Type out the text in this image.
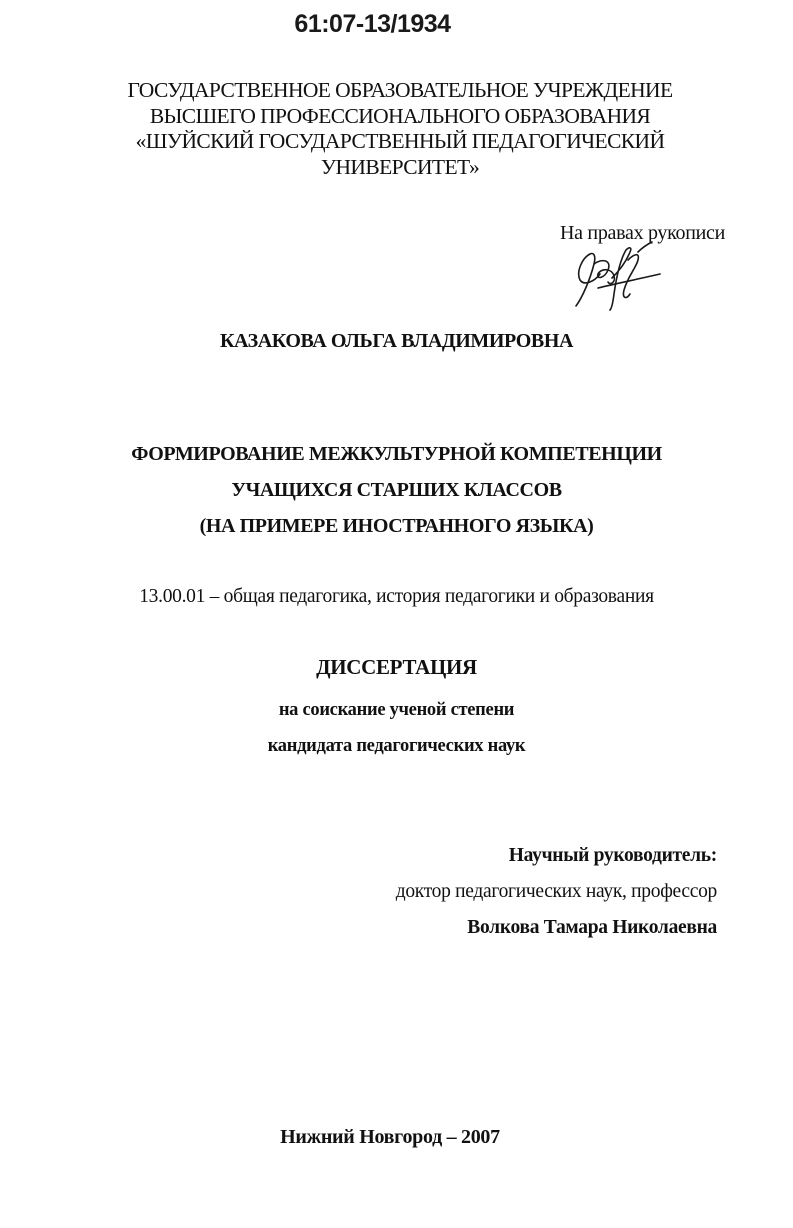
61:07-13/1934
ГОСУДАРСТВЕННОЕ ОБРАЗОВАТЕЛЬНОЕ УЧРЕЖДЕНИЕ
ВЫСШЕГО ПРОФЕССИОНАЛЬНОГО ОБРАЗОВАНИЯ
«ШУЙСКИЙ ГОСУДАРСТВЕННЫЙ ПЕДАГОГИЧЕСКИЙ
УНИВЕРСИТЕТ»
На правах рукописи
КАЗАКОВА ОЛЬГА ВЛАДИМИРОВНА
ФОРМИРОВАНИЕ МЕЖКУЛЬТУРНОЙ КОМПЕТЕНЦИИ
УЧАЩИХСЯ СТАРШИХ КЛАССОВ
(НА ПРИМЕРЕ ИНОСТРАННОГО ЯЗЫКА)
13.00.01 – общая педагогика, история педагогики и образования
ДИССЕРТАЦИЯ
на соискание ученой степени
кандидата педагогических наук
Научный руководитель:
доктор педагогических наук, профессор
Волкова Тамара Николаевна
Нижний Новгород – 2007
